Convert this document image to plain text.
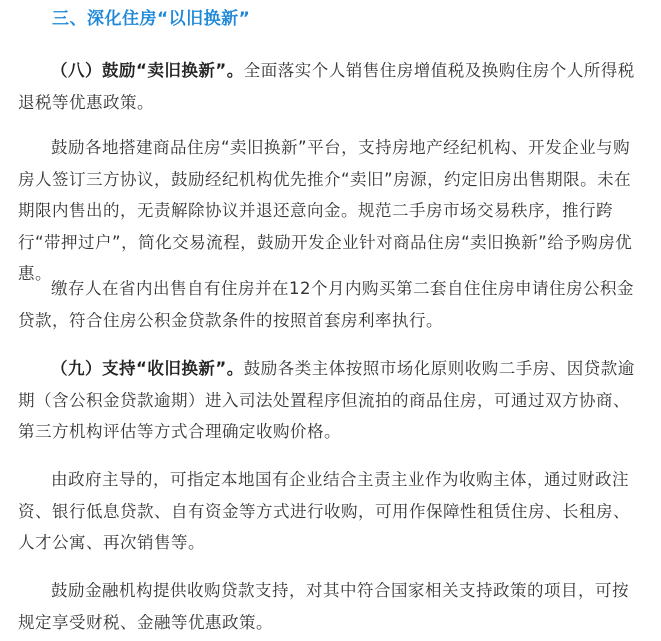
三、深化住房“以旧换新”

（八）鼓励“卖旧换新”。全面落实个人销售住房增值税及换购住房个人所得税退税等优惠政策。

鼓励各地搭建商品住房“卖旧换新”平台，支持房地产经纪机构、开发企业与购房人签订三方协议，鼓励经纪机构优先推介“卖旧”房源，约定旧房出售期限。未在期限内售出的，无责解除协议并退还意向金。规范二手房市场交易秩序，推行跨行“带押过户”，简化交易流程，鼓励开发企业针对商品住房“卖旧换新”给予购房优惠。

缴存人在省内出售自有住房并在12个月内购买第二套自住住房申请住房公积金贷款，符合住房公积金贷款条件的按照首套房利率执行。

（九）支持“收旧换新”。鼓励各类主体按照市场化原则收购二手房、因贷款逾期（含公积金贷款逾期）进入司法处置程序但流拍的商品住房，可通过双方协商、第三方机构评估等方式合理确定收购价格。

由政府主导的，可指定本地国有企业结合主责主业作为收购主体，通过财政注资、银行低息贷款、自有资金等方式进行收购，可用作保障性租赁住房、长租房、人才公寓、再次销售等。

鼓励金融机构提供收购贷款支持，对其中符合国家相关支持政策的项目，可按规定享受财税、金融等优惠政策。
